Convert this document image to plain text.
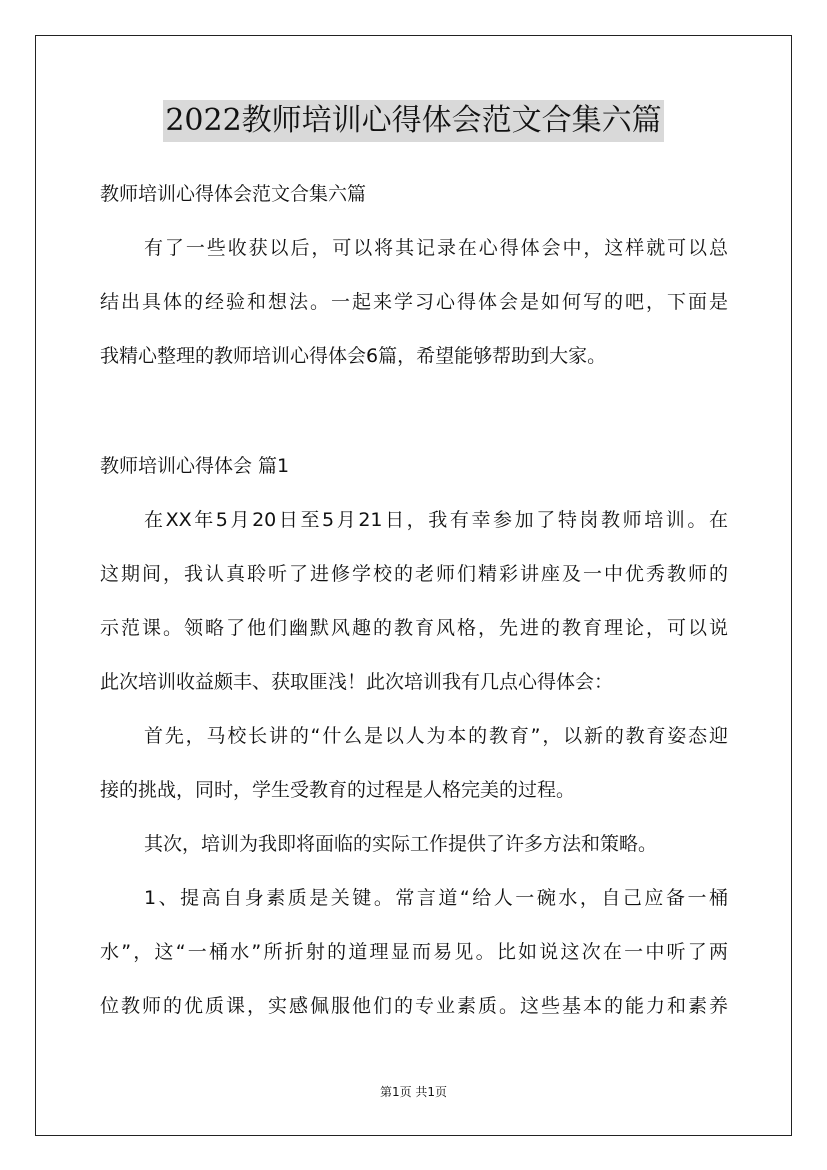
2022教师培训心得体会范文合集六篇
教师培训心得体会范文合集六篇
有了一些收获以后，可以将其记录在心得体会中，这样就可以总
结出具体的经验和想法。一起来学习心得体会是如何写的吧，下面是
我精心整理的教师培训心得体会6篇，希望能够帮助到大家。
教师培训心得体会 篇1
在XX年5月20日至5月21日，我有幸参加了特岗教师培训。在
这期间，我认真聆听了进修学校的老师们精彩讲座及一中优秀教师的
示范课。领略了他们幽默风趣的教育风格，先进的教育理论，可以说
此次培训收益颇丰、获取匪浅！此次培训我有几点心得体会：
首先，马校长讲的“什么是以人为本的教育”，以新的教育姿态迎
接的挑战，同时，学生受教育的过程是人格完美的过程。
其次，培训为我即将面临的实际工作提供了许多方法和策略。
1、提高自身素质是关键。常言道“给人一碗水，自己应备一桶
水”，这“一桶水”所折射的道理显而易见。比如说这次在一中听了两
位教师的优质课，实感佩服他们的专业素质。这些基本的能力和素养
第1页 共1页
